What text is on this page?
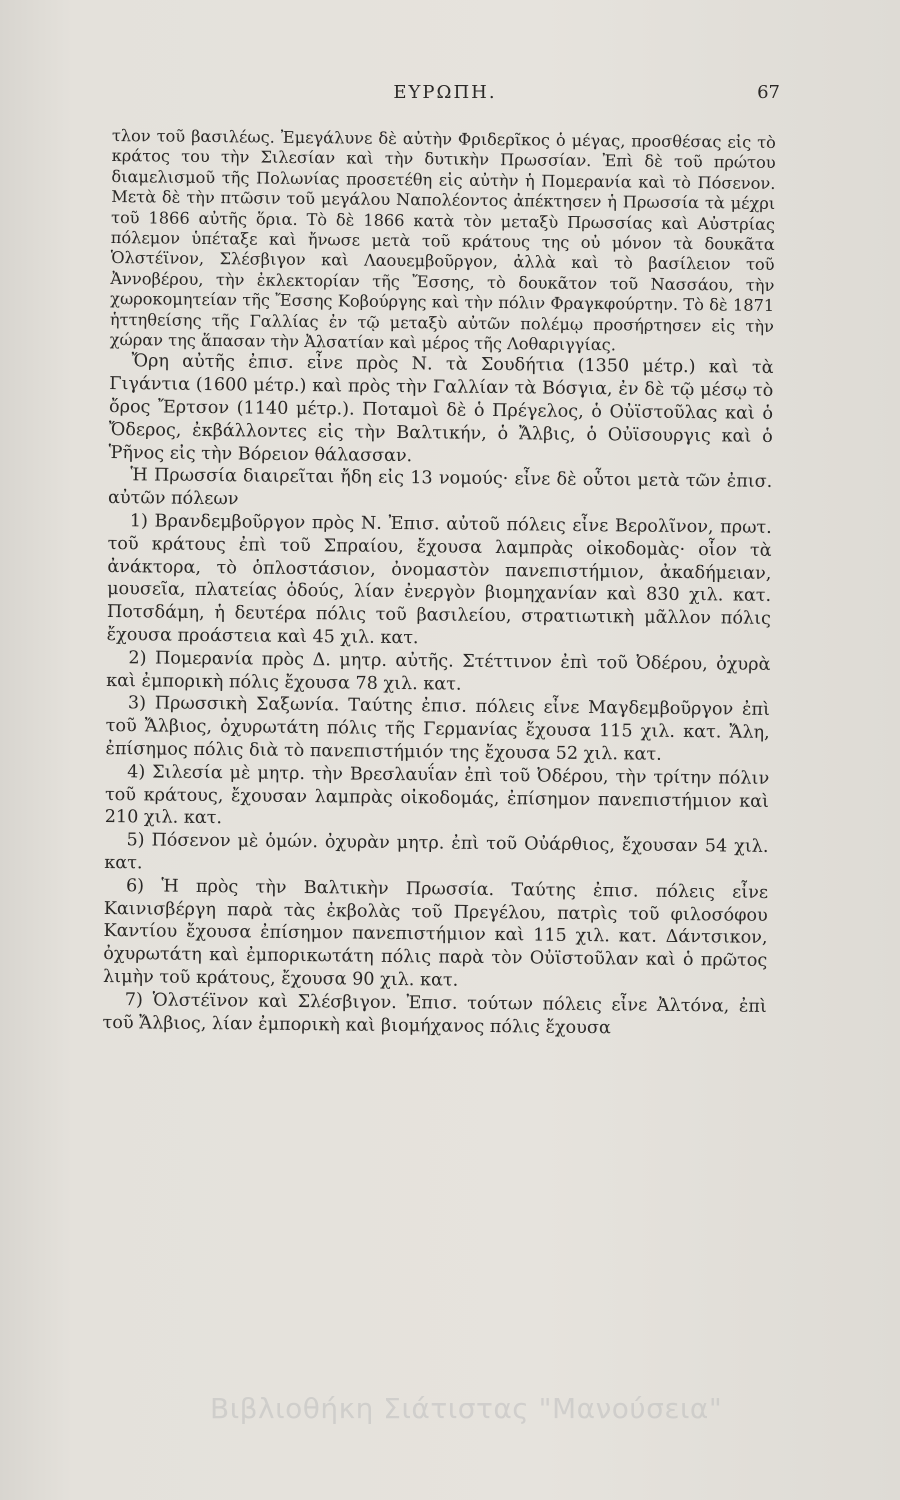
ΕΥΡΩΠΗ.	67

τλον τοῦ βασιλέως. Ἐμεγάλυνε δὲ αὐτὴν Φριδερῖκος ὁ μέγας, προσθέσας εἰς τὸ κράτος του τὴν Σιλεσίαν καὶ τὴν δυτικὴν Πρωσσίαν. Ἐπὶ δὲ τοῦ πρώτου διαμελισμοῦ τῆς Πολωνίας προσετέθη εἰς αὐτὴν ἡ Πομερανία καὶ τὸ Πόσενον. Μετὰ δὲ τὴν πτῶσιν τοῦ μεγάλου Ναπολέοντος ἀπέκτησεν ἡ Πρωσσία τὰ μέχρι τοῦ 1866 αὐτῆς ὅρια. Τὸ δὲ 1866 κατὰ τὸν μεταξὺ Πρωσσίας καὶ Αὐστρίας πόλεμον ὑπέταξε καὶ ἤνωσε μετὰ τοῦ κράτους της οὐ μόνον τὰ δουκᾶτα Ὁλστέϊνον, Σλέσβιγον καὶ Λαουεμβοῦργον, ἀλλὰ καὶ τὸ βασίλειον τοῦ Ἀννοβέρου, τὴν ἐκλεκτορίαν τῆς Ἔσσης, τὸ δουκᾶτον τοῦ Νασσάου, τὴν χωροκομητείαν τῆς Ἔσσης Κοβούργης καὶ τὴν πόλιν Φραγκφούρτην. Τὸ δὲ 1871 ἡττηθείσης τῆς Γαλλίας ἐν τῷ μεταξὺ αὐτῶν πολέμῳ προσήρτησεν εἰς τὴν χώραν της ἅπασαν τὴν Ἀλσατίαν καὶ μέρος τῆς Λοθαριγγίας.

Ὄρη αὐτῆς ἐπισ. εἶνε πρὸς Ν. τὰ Σουδήτια (1350 μέτρ.) καὶ τὰ Γιγάντια (1600 μέτρ.) καὶ πρὸς τὴν Γαλλίαν τὰ Βόσγια, ἐν δὲ τῷ μέσῳ τὸ ὄρος Ἔρτσον (1140 μέτρ.). Ποταμοὶ δὲ ὁ Πρέγελος, ὁ Οὐϊστοῦλας καὶ ὁ Ὄδερος, ἐκβάλλοντες εἰς τὴν Βαλτικήν, ὁ Ἄλβις, ὁ Οὐϊσουργις καὶ ὁ Ῥῆνος εἰς τὴν Βόρειον θάλασσαν.

Ἡ Πρωσσία διαιρεῖται ἤδη εἰς 13 νομούς· εἶνε δὲ οὗτοι μετὰ τῶν ἐπισ. αὐτῶν πόλεων

1) Βρανδεμβοῦργον πρὸς Ν. Ἐπισ. αὐτοῦ πόλεις εἶνε Βερολῖνον, πρωτ. τοῦ κράτους ἐπὶ τοῦ Σπραίου, ἔχουσα λαμπρὰς οἰκοδομὰς· οἷον τὰ ἀνάκτορα, τὸ ὁπλοστάσιον, ὀνομαστὸν πανεπιστήμιον, ἀκαδήμειαν, μουσεῖα, πλατείας ὁδούς, λίαν ἐνεργὸν βιομηχανίαν καὶ 830 χιλ. κατ. Ποτσδάμη, ἡ δευτέρα πόλις τοῦ βασιλείου, στρατιωτικὴ μᾶλλον πόλις ἔχουσα προάστεια καὶ 45 χιλ. κατ.

2) Πομερανία πρὸς Δ. μητρ. αὐτῆς. Στέττινον ἐπὶ τοῦ Ὀδέρου, ὀχυρὰ καὶ ἐμπορικὴ πόλις ἔχουσα 78 χιλ. κατ.

3) Πρωσσικὴ Σαξωνία. Ταύτης ἐπισ. πόλεις εἶνε Μαγδεμβοῦργον ἐπὶ τοῦ Ἄλβιος, ὀχυρωτάτη πόλις τῆς Γερμανίας ἔχουσα 115 χιλ. κατ. Ἄλη, ἐπίσημος πόλις διὰ τὸ πανεπιστήμιόν της ἔχουσα 52 χιλ. κατ.

4) Σιλεσία μὲ μητρ. τὴν Βρεσλαυΐαν ἐπὶ τοῦ Ὀδέρου, τὴν τρίτην πόλιν τοῦ κράτους, ἔχουσαν λαμπρὰς οἰκοδομάς, ἐπίσημον πανεπιστήμιον καὶ 210 χιλ. κατ.

5) Πόσενον μὲ ὁμών. ὀχυρὰν μητρ. ἐπὶ τοῦ Οὐάρθιος, ἔχουσαν 54 χιλ. κατ.

6) Ἡ πρὸς τὴν Βαλτικὴν Πρωσσία. Ταύτης ἐπισ. πόλεις εἶνε Καινισβέργη παρὰ τὰς ἐκβολὰς τοῦ Πρεγέλου, πατρὶς τοῦ φιλοσόφου Καντίου ἔχουσα ἐπίσημον πανεπιστήμιον καὶ 115 χιλ. κατ. Δάντσικον, ὀχυρωτάτη καὶ ἐμπορικωτάτη πόλις παρὰ τὸν Οὐϊστοῦλαν καὶ ὁ πρῶτος λιμὴν τοῦ κράτους, ἔχουσα 90 χιλ. κατ.

7) Ὁλστέϊνον καὶ Σλέσβιγον. Ἐπισ. τούτων πόλεις εἶνε Ἀλτόνα, ἐπὶ τοῦ Ἄλβιος, λίαν ἐμπορικὴ καὶ βιομήχανος πόλις ἔχουσα

Βιβλιοθήκη Σιάτιστας "Μανούσεια"
